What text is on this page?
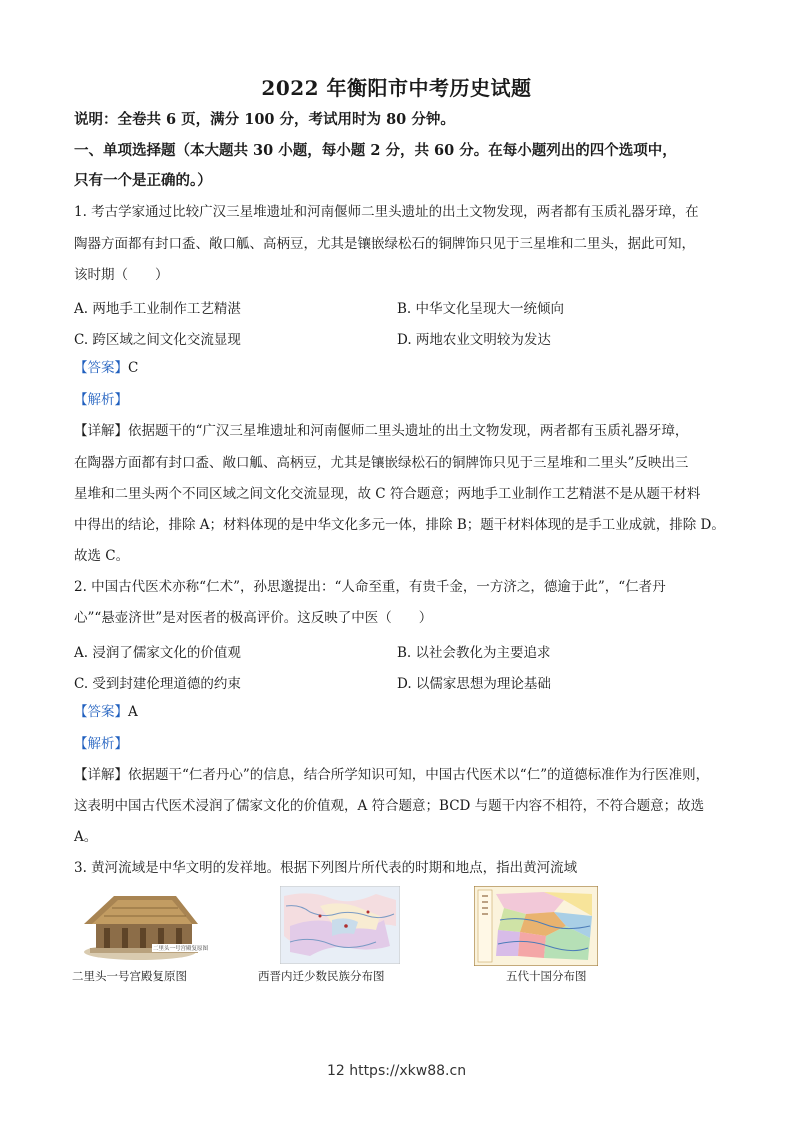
2022 年衡阳市中考历史试题
说明：全卷共 6 页，满分 100 分，考试用时为 80 分钟。
一、单项选择题（本大题共 30 小题，每小题 2 分，共 60 分。在每小题列出的四个选项中，
只有一个是正确的。）
1. 考古学家通过比较广汉三星堆遗址和河南偃师二里头遗址的出土文物发现，两者都有玉质礼器牙璋，在
陶器方面都有封口盉、敞口觚、高柄豆，尤其是镶嵌绿松石的铜牌饰只见于三星堆和二里头，据此可知，
该时期（　　）
A. 两地手工业制作工艺精湛	B. 中华文化呈现大一统倾向
C. 跨区域之间文化交流显现	D. 两地农业文明较为发达
【答案】C
【解析】
【详解】依据题干的“广汉三星堆遗址和河南偃师二里头遗址的出土文物发现，两者都有玉质礼器牙璋，
在陶器方面都有封口盉、敞口觚、高柄豆，尤其是镶嵌绿松石的铜牌饰只见于三星堆和二里头”反映出三
星堆和二里头两个不同区域之间文化交流显现，故 C 符合题意；两地手工业制作工艺精湛不是从题干材料
中得出的结论，排除 A；材料体现的是中华文化多元一体，排除 B；题干材料体现的是手工业成就，排除 D。
故选 C。
2. 中国古代医术亦称“仁术”，孙思邈提出：“人命至重，有贵千金，一方济之，德逾于此”，“仁者丹
心”“悬壶济世”是对医者的极高评价。这反映了中医（　　）
A. 浸润了儒家文化的价值观	B. 以社会教化为主要追求
C. 受到封建伦理道德的约束	D. 以儒家思想为理论基础
【答案】A
【解析】
【详解】依据题干“仁者丹心”的信息，结合所学知识可知，中国古代医术以“仁”的道德标准作为行医准则，
这表明中国古代医术浸润了儒家文化的价值观，A 符合题意；BCD 与题干内容不相符，不符合题意；故选
A。
3. 黄河流域是中华文明的发祥地。根据下列图片所代表的时期和地点，指出黄河流域
二里头一号宫殿复原图
二里头一号宫殿复原图	西晋内迁少数民族分布图	五代十国分布图
12 https://xkw88.cn
